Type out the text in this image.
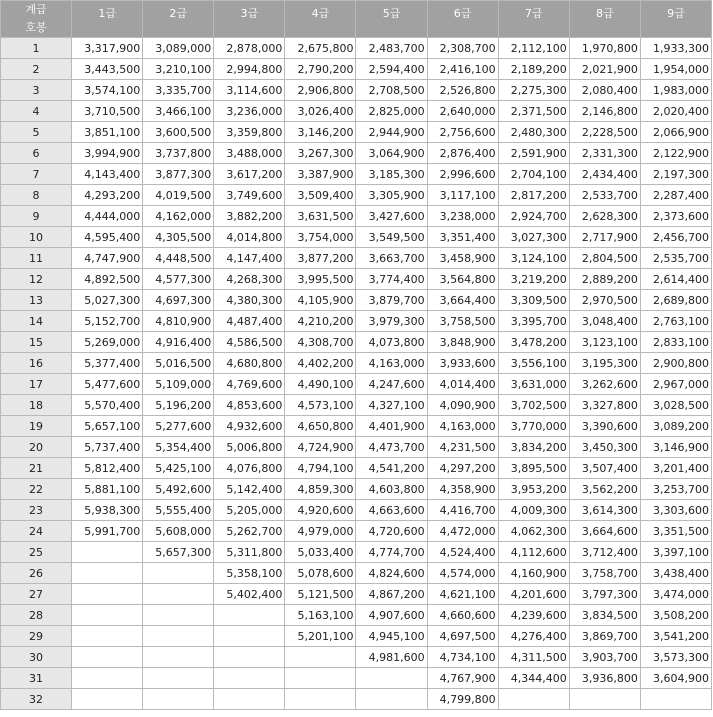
계급
호봉	1급	2급	3급	4급	5급	6급	7급	8급	9급
1	3,317,900	3,089,000	2,878,000	2,675,800	2,483,700	2,308,700	2,112,100	1,970,800	1,933,300
2	3,443,500	3,210,100	2,994,800	2,790,200	2,594,400	2,416,100	2,189,200	2,021,900	1,954,000
3	3,574,100	3,335,700	3,114,600	2,906,800	2,708,500	2,526,800	2,275,300	2,080,400	1,983,000
4	3,710,500	3,466,100	3,236,000	3,026,400	2,825,000	2,640,000	2,371,500	2,146,800	2,020,400
5	3,851,100	3,600,500	3,359,800	3,146,200	2,944,900	2,756,600	2,480,300	2,228,500	2,066,900
6	3,994,900	3,737,800	3,488,000	3,267,300	3,064,900	2,876,400	2,591,900	2,331,300	2,122,900
7	4,143,400	3,877,300	3,617,200	3,387,900	3,185,300	2,996,600	2,704,100	2,434,400	2,197,300
8	4,293,200	4,019,500	3,749,600	3,509,400	3,305,900	3,117,100	2,817,200	2,533,700	2,287,400
9	4,444,000	4,162,000	3,882,200	3,631,500	3,427,600	3,238,000	2,924,700	2,628,300	2,373,600
10	4,595,400	4,305,500	4,014,800	3,754,000	3,549,500	3,351,400	3,027,300	2,717,900	2,456,700
11	4,747,900	4,448,500	4,147,400	3,877,200	3,663,700	3,458,900	3,124,100	2,804,500	2,535,700
12	4,892,500	4,577,300	4,268,300	3,995,500	3,774,400	3,564,800	3,219,200	2,889,200	2,614,400
13	5,027,300	4,697,300	4,380,300	4,105,900	3,879,700	3,664,400	3,309,500	2,970,500	2,689,800
14	5,152,700	4,810,900	4,487,400	4,210,200	3,979,300	3,758,500	3,395,700	3,048,400	2,763,100
15	5,269,000	4,916,400	4,586,500	4,308,700	4,073,800	3,848,900	3,478,200	3,123,100	2,833,100
16	5,377,400	5,016,500	4,680,800	4,402,200	4,163,000	3,933,600	3,556,100	3,195,300	2,900,800
17	5,477,600	5,109,000	4,769,600	4,490,100	4,247,600	4,014,400	3,631,000	3,262,600	2,967,000
18	5,570,400	5,196,200	4,853,600	4,573,100	4,327,100	4,090,900	3,702,500	3,327,800	3,028,500
19	5,657,100	5,277,600	4,932,600	4,650,800	4,401,900	4,163,000	3,770,000	3,390,600	3,089,200
20	5,737,400	5,354,400	5,006,800	4,724,900	4,473,700	4,231,500	3,834,200	3,450,300	3,146,900
21	5,812,400	5,425,100	4,076,800	4,794,100	4,541,200	4,297,200	3,895,500	3,507,400	3,201,400
22	5,881,100	5,492,600	5,142,400	4,859,300	4,603,800	4,358,900	3,953,200	3,562,200	3,253,700
23	5,938,300	5,555,400	5,205,000	4,920,600	4,663,600	4,416,700	4,009,300	3,614,300	3,303,600
24	5,991,700	5,608,000	5,262,700	4,979,000	4,720,600	4,472,000	4,062,300	3,664,600	3,351,500
25		5,657,300	5,311,800	5,033,400	4,774,700	4,524,400	4,112,600	3,712,400	3,397,100
26			5,358,100	5,078,600	4,824,600	4,574,000	4,160,900	3,758,700	3,438,400
27			5,402,400	5,121,500	4,867,200	4,621,100	4,201,600	3,797,300	3,474,000
28				5,163,100	4,907,600	4,660,600	4,239,600	3,834,500	3,508,200
29				5,201,100	4,945,100	4,697,500	4,276,400	3,869,700	3,541,200
30					4,981,600	4,734,100	4,311,500	3,903,700	3,573,300
31						4,767,900	4,344,400	3,936,800	3,604,900
32						4,799,800			
